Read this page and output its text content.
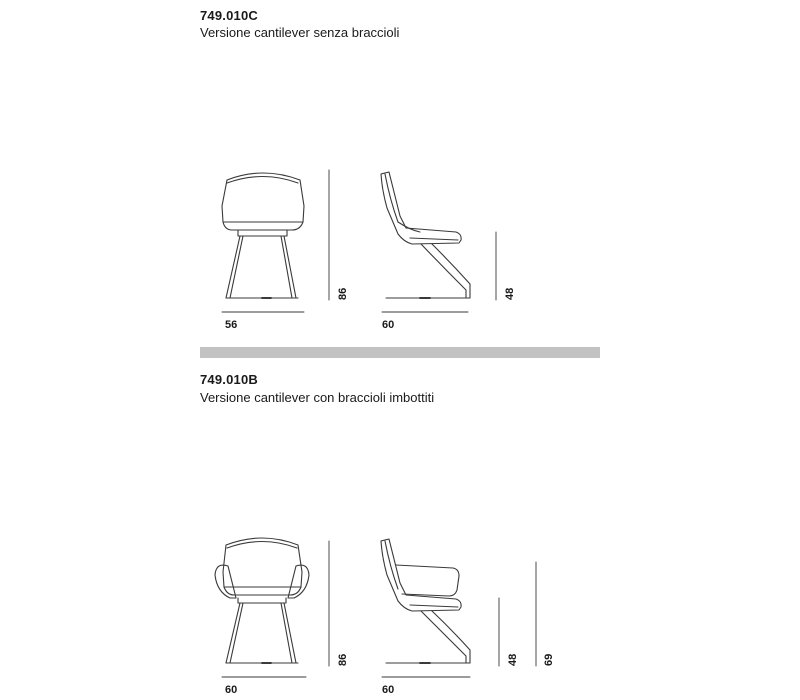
749.010C
Versione cantilever senza braccioli
749.010B
Versione cantilever con braccioli imbottiti
56
86
60
48
60
86
60
48 69
